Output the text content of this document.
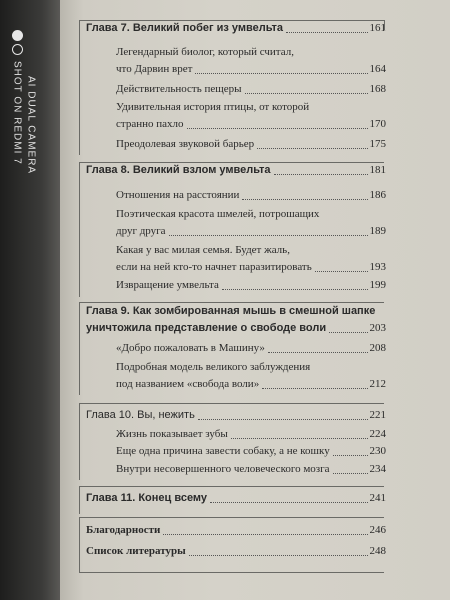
SHOT ON REDMI 7 AI DUAL CAMERA
Глава 7. Великий побег из умвельта	161
Легендарный биолог, который считал,
что Дарвин врет	164
Действительность пещеры	168
Удивительная история птицы, от которой
странно пахло	170
Преодолевая звуковой барьер	175
Глава 8. Великий взлом умвельта	181
Отношения на расстоянии	186
Поэтическая красота шмелей, потрошащих
друг друга	189
Какая у вас милая семья. Будет жаль,
если на ней кто-то начнет паразитировать	193
Извращение умвельта	199
Глава 9. Как зомбированная мышь в смешной шапке
уничтожила представление о свободе воли	203
«Добро пожаловать в Машину»	208
Подробная модель великого заблуждения
под названием «свобода воли»	212
Глава 10. Вы, нежить	221
Жизнь показывает зубы	224
Еще одна причина завести собаку, а не кошку	230
Внутри несовершенного человеческого мозга	234
Глава 11. Конец всему	241
Благодарности	246
Список литературы	248
